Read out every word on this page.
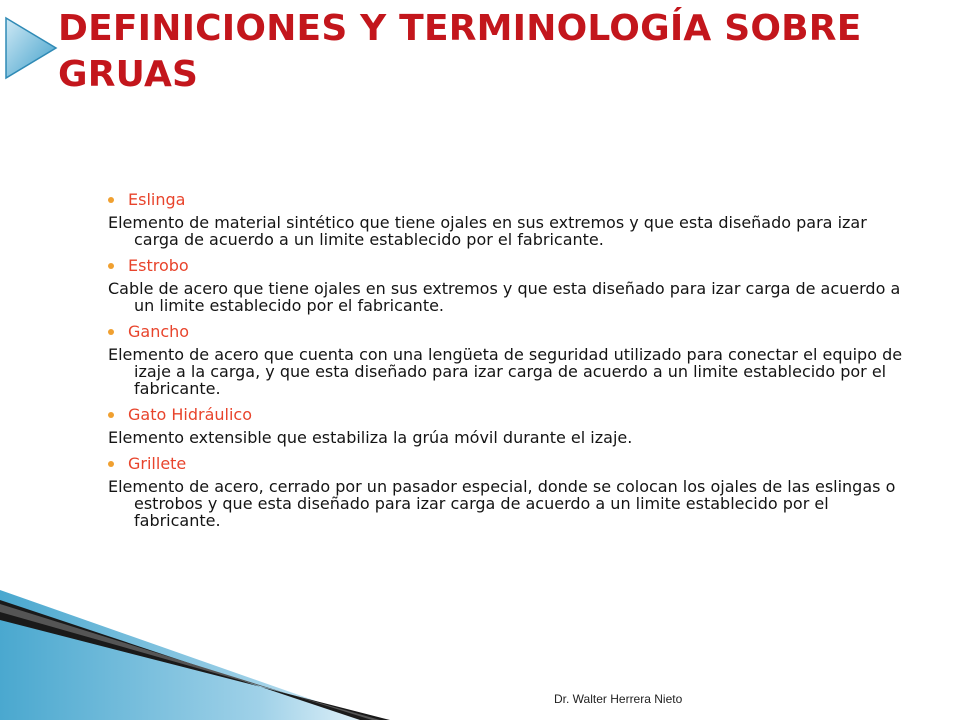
DEFINICIONES Y TERMINOLOGÍA SOBRE GRUAS
Eslinga
Elemento de material sintético que tiene ojales en sus extremos y que esta diseñado para izar carga de acuerdo a un limite establecido por el fabricante.
Estrobo
Cable de acero que tiene ojales en sus extremos y que esta diseñado para izar carga de acuerdo a un limite establecido por el fabricante.
Gancho
Elemento de acero que cuenta con una lengüeta de seguridad utilizado para conectar el equipo de izaje a la carga, y que esta diseñado para izar carga de acuerdo a un limite establecido por el fabricante.
Gato Hidráulico
Elemento extensible que estabiliza la grúa móvil durante el izaje.
Grillete
Elemento de acero, cerrado por un pasador especial, donde se colocan los ojales de las eslingas o estrobos y que esta diseñado para izar carga de acuerdo a un limite establecido por el fabricante.
Dr. Walter Herrera Nieto
